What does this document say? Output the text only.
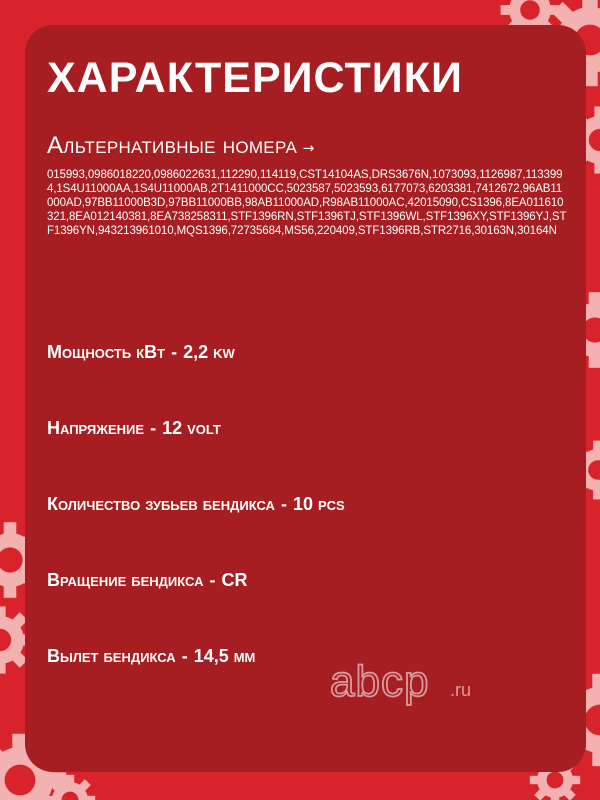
ХАРАКТЕРИСТИКИ
Альтернативные номера ↗
015993,0986018220,0986022631,112290,114119,CST14104AS,DRS3676N,1073093,1126987,1133994,1S4U11000AA,1S4U11000AB,2T1411000CC,5023587,5023593,6177073,6203381,7412672,96AB11000AD,97BB11000B3D,97BB11000BB,98AB11000AD,R98AB11000AC,42015090,CS1396,8EA011610321,8EA012140381,8EA738258311,STF1396RN,STF1396TJ,STF1396WL,STF1396XY,STF1396YJ,STF1396YN,943213961010,MQS1396,72735684,MS56,220409,STF1396RB,STR2716,30163N,30164N
Мощность кВт - 2,2 kw
Напряжение - 12 volt
Количество зубьев бендикса - 10 pcs
Вращение бендикса - CR
Вылет бендикса - 14,5 мм
abcp .ru
